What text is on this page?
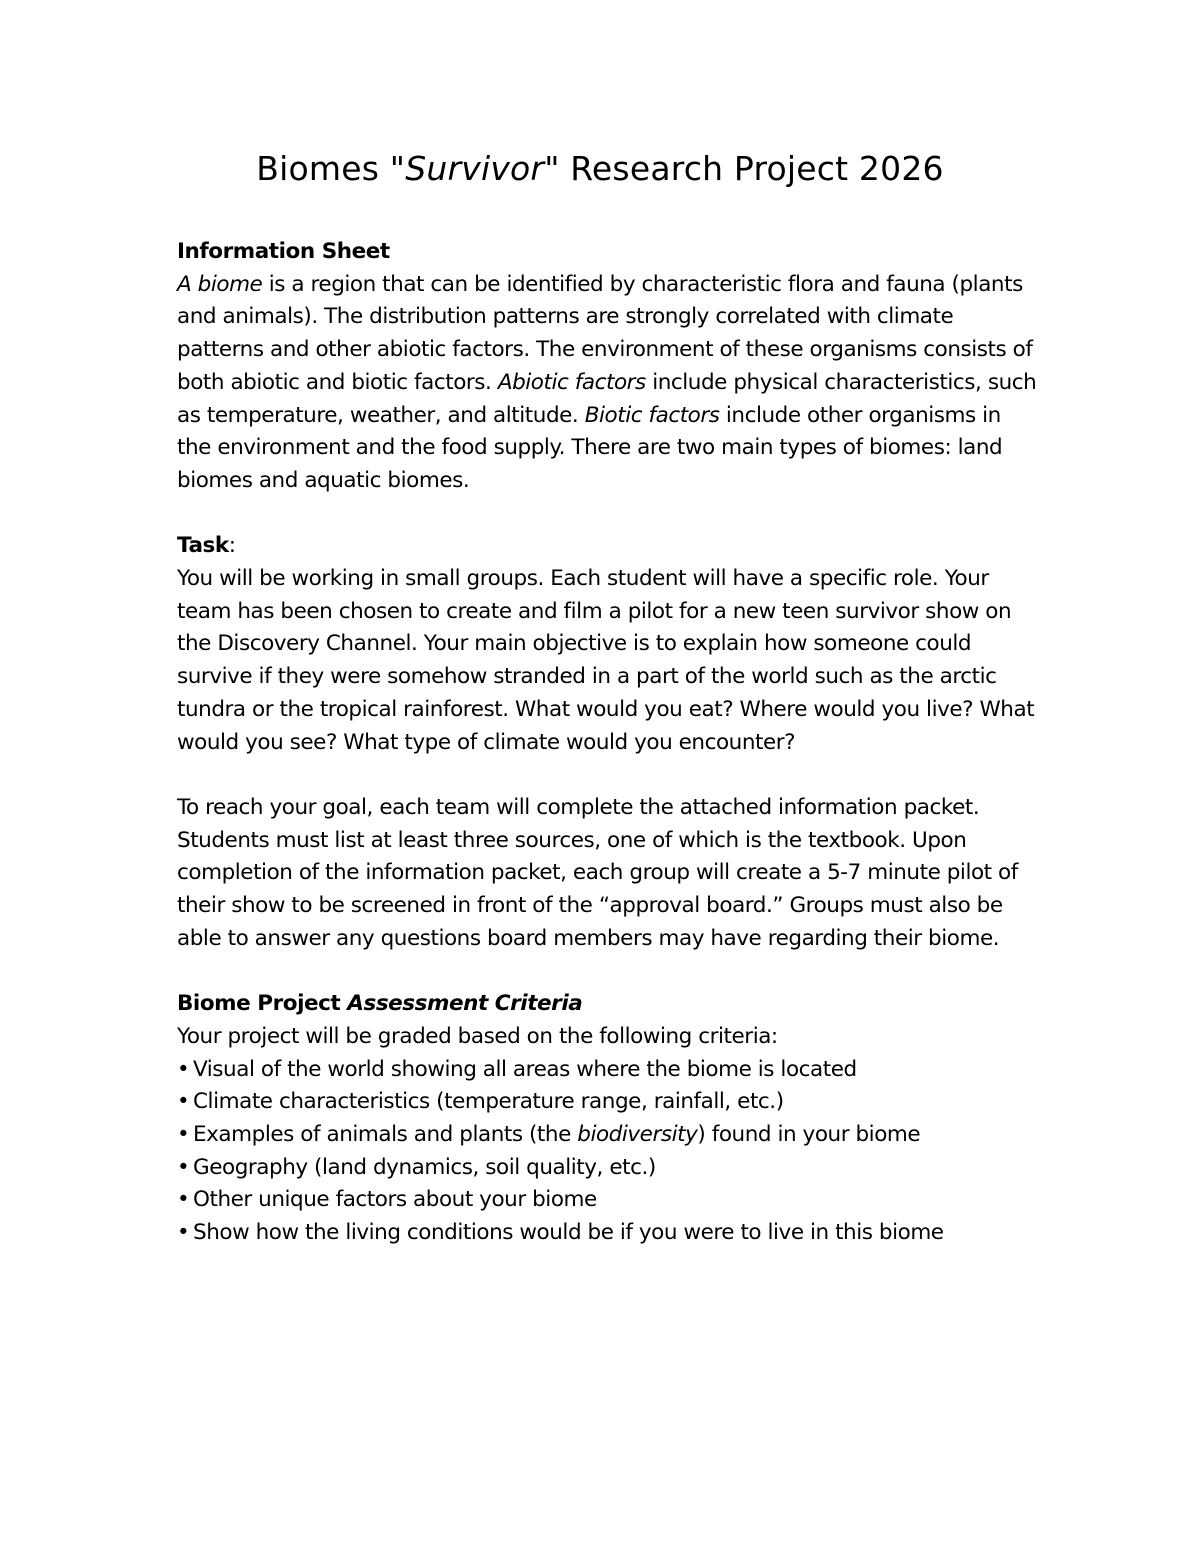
Biomes "Survivor" Research Project 2026

Information Sheet

A biome is a region that can be identified by characteristic flora and fauna (plants and animals). The distribution patterns are strongly correlated with climate patterns and other abiotic factors. The environment of these organisms consists of both abiotic and biotic factors. Abiotic factors include physical characteristics, such as temperature, weather, and altitude. Biotic factors include other organisms in the environment and the food supply. There are two main types of biomes: land biomes and aquatic biomes.

Task:

You will be working in small groups. Each student will have a specific role. Your team has been chosen to create and film a pilot for a new teen survivor show on the Discovery Channel. Your main objective is to explain how someone could survive if they were somehow stranded in a part of the world such as the arctic tundra or the tropical rainforest. What would you eat? Where would you live? What would you see? What type of climate would you encounter?

To reach your goal, each team will complete the attached information packet. Students must list at least three sources, one of which is the textbook. Upon completion of the information packet, each group will create a 5-7 minute pilot of their show to be screened in front of the “approval board.” Groups must also be able to answer any questions board members may have regarding their biome.

Biome Project Assessment Criteria

Your project will be graded based on the following criteria:

• Visual of the world showing all areas where the biome is located
• Climate characteristics (temperature range, rainfall, etc.)
• Examples of animals and plants (the biodiversity) found in your biome
• Geography (land dynamics, soil quality, etc.)
• Other unique factors about your biome
• Show how the living conditions would be if you were to live in this biome
